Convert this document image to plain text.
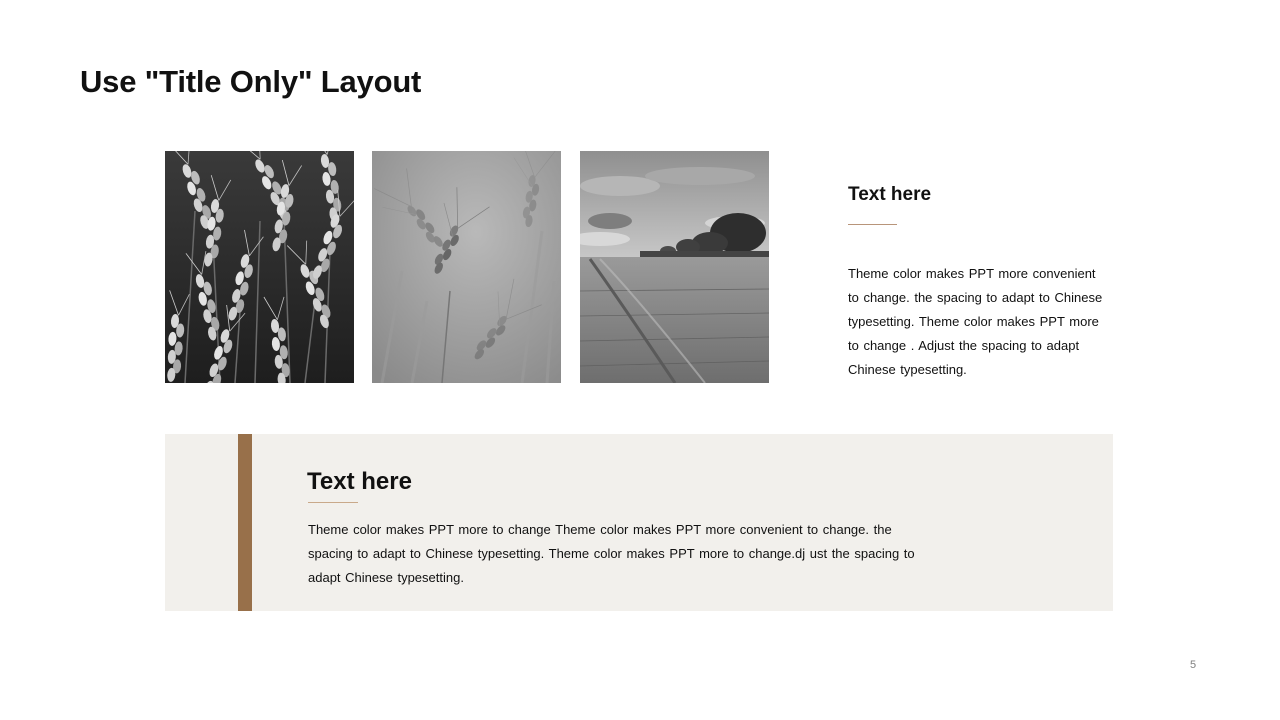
Use "Title Only" Layout
Text here

Theme color makes PPT more convenient to change. the spacing to adapt to Chinese typesetting. Theme color makes PPT more to change . Adjust the spacing to adapt Chinese typesetting.

Text here

Theme color makes PPT more to change Theme color makes PPT more convenient to change. the spacing to adapt to Chinese typesetting. Theme color makes PPT more to change.dj ust the spacing to adapt Chinese typesetting.

5
